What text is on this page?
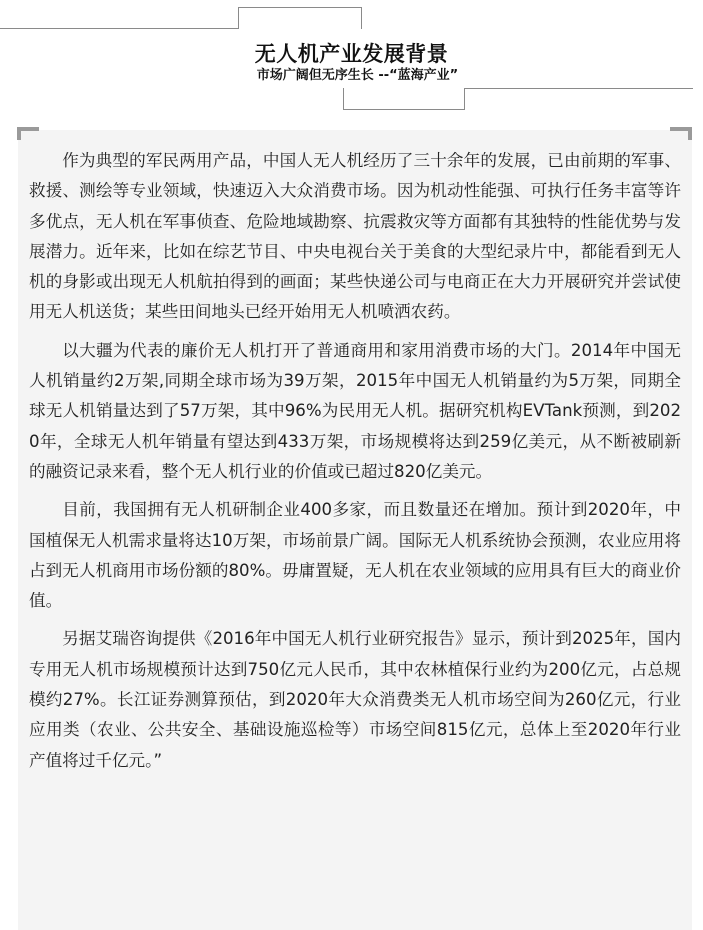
无人机产业发展背景
市场广阔但无序生长 --“蓝海产业”

作为典型的军民两用产品，中国人无人机经历了三十余年的发展，已由前期的军事、救援、测绘等专业领域，快速迈入大众消费市场。因为机动性能强、可执行任务丰富等许多优点，无人机在军事侦查、危险地域勘察、抗震救灾等方面都有其独特的性能优势与发展潜力。近年来，比如在综艺节目、中央电视台关于美食的大型纪录片中，都能看到无人机的身影或出现无人机航拍得到的画面；某些快递公司与电商正在大力开展研究并尝试使用无人机送货；某些田间地头已经开始用无人机喷洒农药。

以大疆为代表的廉价无人机打开了普通商用和家用消费市场的大门。2014年中国无人机销量约2万架,同期全球市场为39万架，2015年中国无人机销量约为5万架，同期全球无人机销量达到了57万架，其中96%为民用无人机。据研究机构EVTank预测，到2020年，全球无人机年销量有望达到433万架，市场规模将达到259亿美元，从不断被刷新的融资记录来看，整个无人机行业的价值或已超过820亿美元。

目前，我国拥有无人机研制企业400多家，而且数量还在增加。预计到2020年，中国植保无人机需求量将达10万架，市场前景广阔。国际无人机系统协会预测，农业应用将占到无人机商用市场份额的80%。毋庸置疑，无人机在农业领域的应用具有巨大的商业价值。

另据艾瑞咨询提供《2016年中国无人机行业研究报告》显示，预计到2025年，国内专用无人机市场规模预计达到750亿元人民币，其中农林植保行业约为200亿元，占总规模约27%。长江证券测算预估，到2020年大众消费类无人机市场空间为260亿元，行业应用类（农业、公共安全、基础设施巡检等）市场空间815亿元，总体上至2020年行业产值将过千亿元。”
